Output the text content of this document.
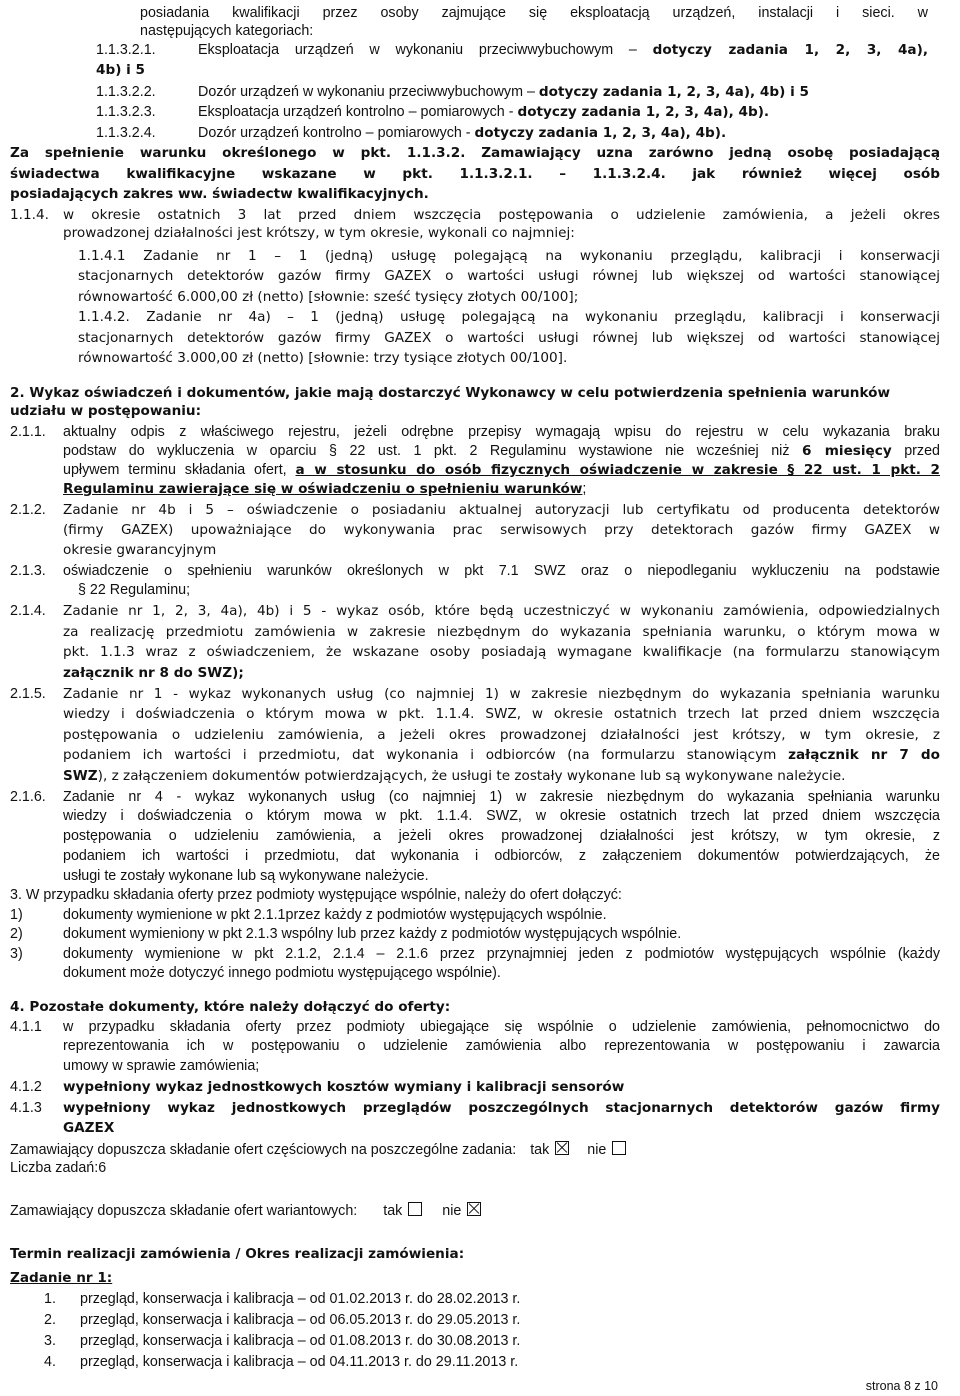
posiadania kwalifikacji przez osoby zajmujące się eksploatacją urządzeń, instalacji i sieci. w
następujących kategoriach:
1.1.3.2.1.	Eksploatacja urządzeń w wykonaniu przeciwwybuchowym – dotyczy zadania 1, 2, 3, 4a),
4b) i 5
1.1.3.2.2.	Dozór urządzeń w wykonaniu przeciwwybuchowym – dotyczy zadania 1, 2, 3, 4a), 4b) i 5
1.1.3.2.3.	Eksploatacja urządzeń kontrolno – pomiarowych - dotyczy zadania 1, 2, 3, 4a), 4b).
1.1.3.2.4.	Dozór urządzeń kontrolno – pomiarowych - dotyczy zadania 1, 2, 3, 4a), 4b).
Za spełnienie warunku określonego w pkt. 1.1.3.2. Zamawiający uzna zarówno jedną osobę posiadającą
świadectwa kwalifikacyjne wskazane w pkt. 1.1.3.2.1. – 1.1.3.2.4. jak również więcej osób
posiadających zakres ww. świadectw kwalifikacyjnych.
1.1.4. w okresie ostatnich 3 lat przed dniem wszczęcia postępowania o udzielenie zamówienia, a jeżeli okres
prowadzonej działalności jest krótszy, w tym okresie, wykonali co najmniej:
1.1.4.1 Zadanie nr 1 – 1 (jedną) usługę polegającą na wykonaniu przeglądu, kalibracji i konserwacji
stacjonarnych detektorów gazów firmy GAZEX o wartości usługi równej lub większej od wartości stanowiącej
równowartość 6.000,00 zł (netto) [słownie: sześć tysięcy złotych 00/100];
1.1.4.2. Zadanie nr 4a) – 1 (jedną) usługę polegającą na wykonaniu przeglądu, kalibracji i konserwacji
stacjonarnych detektorów gazów firmy GAZEX o wartości usługi równej lub większej od wartości stanowiącej
równowartość 3.000,00 zł (netto) [słownie: trzy tysiące złotych 00/100].
2. Wykaz oświadczeń i dokumentów, jakie mają dostarczyć Wykonawcy w celu potwierdzenia spełnienia warunków
udziału w postępowaniu:
2.1.1. aktualny odpis z właściwego rejestru, jeżeli odrębne przepisy wymagają wpisu do rejestru w celu wykazania braku
podstaw do wykluczenia w oparciu § 22 ust. 1 pkt. 2 Regulaminu wystawione nie wcześniej niż 6 miesięcy przed
upływem terminu składania ofert, a w stosunku do osób fizycznych oświadczenie w zakresie § 22 ust. 1 pkt. 2
Regulaminu zawierające się w oświadczeniu o spełnieniu warunków;
2.1.2. Zadanie nr 4b i 5 – oświadczenie o posiadaniu aktualnej autoryzacji lub certyfikatu od producenta detektorów
(firmy GAZEX) upoważniające do wykonywania prac serwisowych przy detektorach gazów firmy GAZEX w
okresie gwarancyjnym
2.1.3. oświadczenie o spełnieniu warunków określonych w pkt 7.1 SWZ oraz o niepodleganiu wykluczeniu na podstawie
§ 22 Regulaminu;
2.1.4. Zadanie nr 1, 2, 3, 4a), 4b) i 5 - wykaz osób, które będą uczestniczyć w wykonaniu zamówienia, odpowiedzialnych
za realizację przedmiotu zamówienia w zakresie niezbędnym do wykazania spełniania warunku, o którym mowa w
pkt. 1.1.3 wraz z oświadczeniem, że wskazane osoby posiadają wymagane kwalifikacje (na formularzu stanowiącym
załącznik nr 8 do SWZ);
2.1.5. Zadanie nr 1 - wykaz wykonanych usług (co najmniej 1) w zakresie niezbędnym do wykazania spełniania warunku
wiedzy i doświadczenia o którym mowa w pkt. 1.1.4. SWZ, w okresie ostatnich trzech lat przed dniem wszczęcia
postępowania o udzieleniu zamówienia, a jeżeli okres prowadzonej działalności jest krótszy, w tym okresie, z
podaniem ich wartości i przedmiotu, dat wykonania i odbiorców (na formularzu stanowiącym załącznik nr 7 do
SWZ), z załączeniem dokumentów potwierdzających, że usługi te zostały wykonane lub są wykonywane należycie.
2.1.6. Zadanie nr 4 - wykaz wykonanych usług (co najmniej 1) w zakresie niezbędnym do wykazania spełniania warunku
wiedzy i doświadczenia o którym mowa w pkt. 1.1.4. SWZ, w okresie ostatnich trzech lat przed dniem wszczęcia
postępowania o udzieleniu zamówienia, a jeżeli okres prowadzonej działalności jest krótszy, w tym okresie, z
podaniem ich wartości i przedmiotu, dat wykonania i odbiorców, z załączeniem dokumentów potwierdzających, że
usługi te zostały wykonane lub są wykonywane należycie.
3. W przypadku składania oferty przez podmioty występujące wspólnie, należy do ofert dołączyć:
1)	dokumenty wymienione w pkt 2.1.1przez każdy z podmiotów występujących wspólnie.
2)	dokument wymieniony w pkt 2.1.3 wspólny lub przez każdy z podmiotów występujących wspólnie.
3)	dokumenty wymienione w pkt 2.1.2, 2.1.4 – 2.1.6 przez przynajmniej jeden z podmiotów występujących wspólnie (każdy
dokument może dotyczyć innego podmiotu występującego wspólnie).
4. Pozostałe dokumenty, które należy dołączyć do oferty:
4.1.1 w przypadku składania oferty przez podmioty ubiegające się wspólnie o udzielenie zamówienia, pełnomocnictwo do
reprezentowania ich w postępowaniu o udzielenie zamówienia albo reprezentowania w postępowaniu i zawarcia
umowy w sprawie zamówienia;
4.1.2 wypełniony wykaz jednostkowych kosztów wymiany i kalibracji sensorów
4.1.3 wypełniony wykaz jednostkowych przeglądów poszczególnych stacjonarnych detektorów gazów firmy
GAZEX
Zamawiający dopuszcza składanie ofert częściowych na poszczególne zadania: tak	nie
Liczba zadań:6
Zamawiający dopuszcza składanie ofert wariantowych: tak	nie
Termin realizacji zamówienia / Okres realizacji zamówienia:
Zadanie nr 1:
1. przegląd, konserwacja i kalibracja – od 01.02.2013 r. do 28.02.2013 r.
2. przegląd, konserwacja i kalibracja – od 06.05.2013 r. do 29.05.2013 r.
3. przegląd, konserwacja i kalibracja – od 01.08.2013 r. do 30.08.2013 r.
4. przegląd, konserwacja i kalibracja – od 04.11.2013 r. do 29.11.2013 r.
strona 8 z 10
